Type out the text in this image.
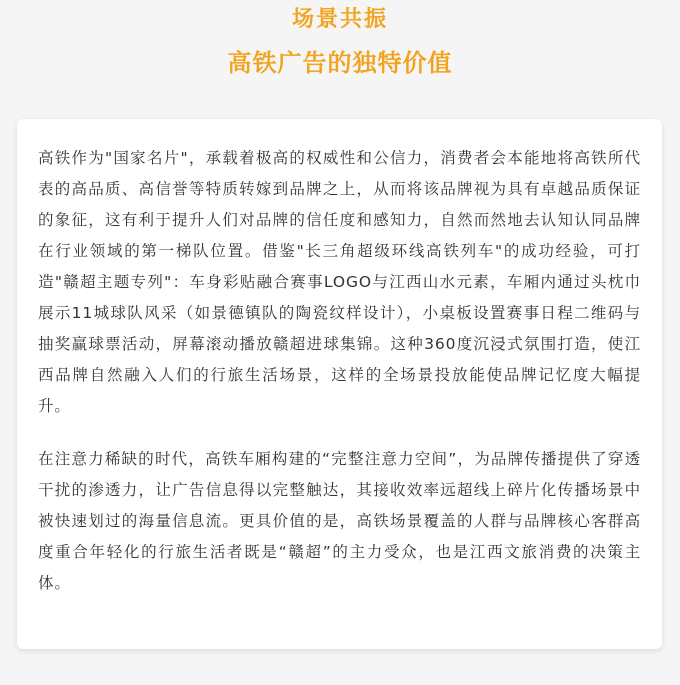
场景共振
高铁广告的独特价值

高铁作为"国家名片"，承载着极高的权威性和公信力，消费者会本能地将高铁所代表的高品质、高信誉等特质转嫁到品牌之上，从而将该品牌视为具有卓越品质保证的象征，这有利于提升人们对品牌的信任度和感知力，自然而然地去认知认同品牌在行业领域的第一梯队位置。借鉴"长三角超级环线高铁列车"的成功经验，可打造"赣超主题专列"：车身彩贴融合赛事LOGO与江西山水元素，车厢内通过头枕巾展示11城球队风采（如景德镇队的陶瓷纹样设计），小桌板设置赛事日程二维码与抽奖赢球票活动，屏幕滚动播放赣超进球集锦。这种360度沉浸式氛围打造，使江西品牌自然融入人们的行旅生活场景，这样的全场景投放能使品牌记忆度大幅提升。

在注意力稀缺的时代，高铁车厢构建的“完整注意力空间”，为品牌传播提供了穿透干扰的渗透力，让广告信息得以完整触达，其接收效率远超线上碎片化传播场景中被快速划过的海量信息流。更具价值的是，高铁场景覆盖的人群与品牌核心客群高度重合年轻化的行旅生活者既是“赣超”的主力受众，也是江西文旅消费的决策主体。
